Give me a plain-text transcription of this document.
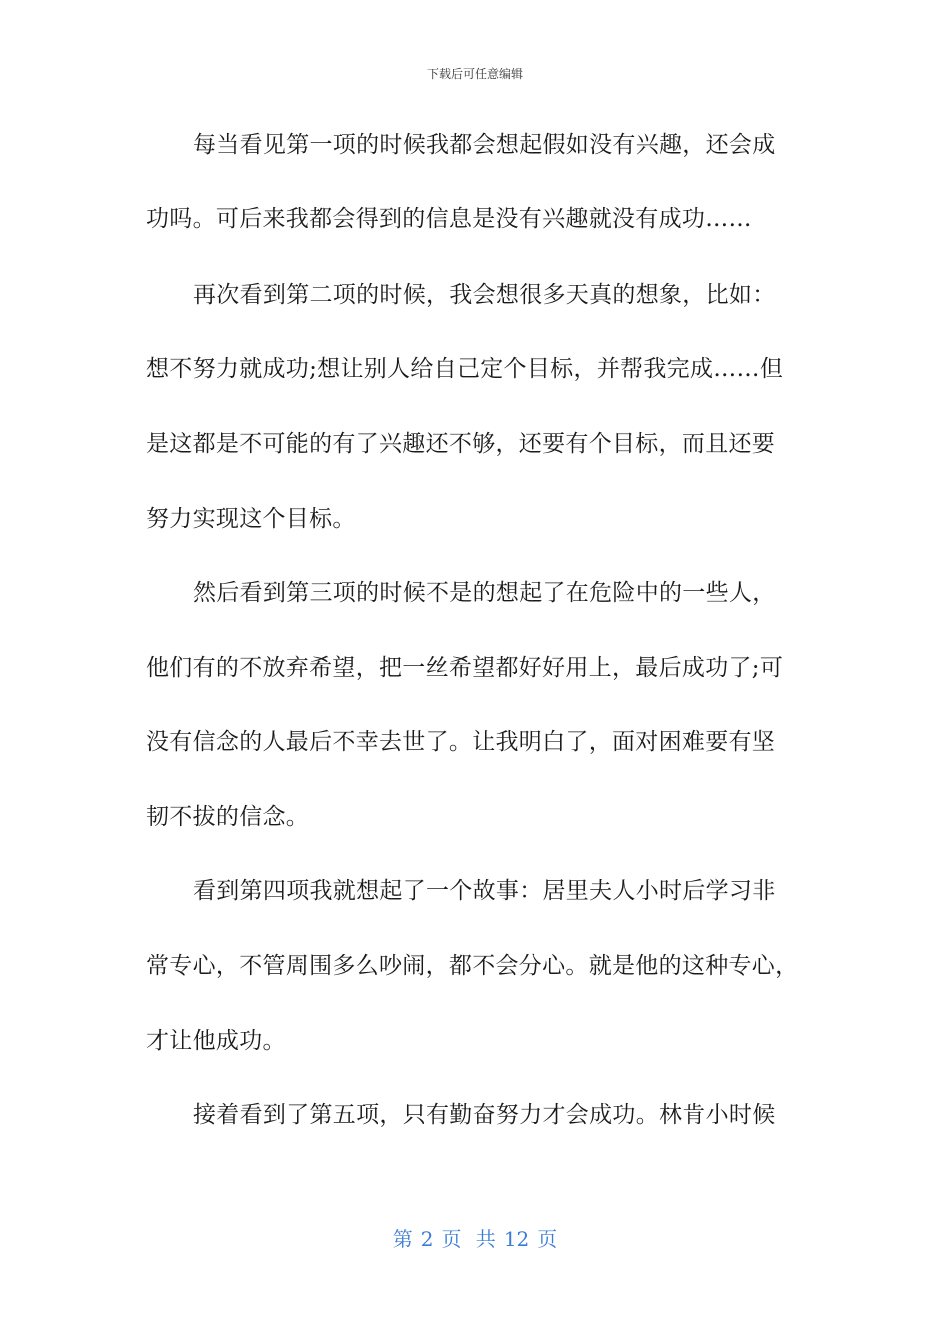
下载后可任意编辑
每当看见第一项的时候我都会想起假如没有兴趣，还会成
功吗。可后来我都会得到的信息是没有兴趣就没有成功……
再次看到第二项的时候，我会想很多天真的想象，比如：
想不努力就成功;想让别人给自己定个目标，并帮我完成……但
是这都是不可能的有了兴趣还不够，还要有个目标，而且还要
努力实现这个目标。
然后看到第三项的时候不是的想起了在危险中的一些人，
他们有的不放弃希望，把一丝希望都好好用上，最后成功了;可
没有信念的人最后不幸去世了。让我明白了，面对困难要有坚
韧不拔的信念。
看到第四项我就想起了一个故事：居里夫人小时后学习非
常专心，不管周围多么吵闹，都不会分心。就是他的这种专心，
才让他成功。
接着看到了第五项，只有勤奋努力才会成功。林肯小时候
第 2 页 共 12 页
